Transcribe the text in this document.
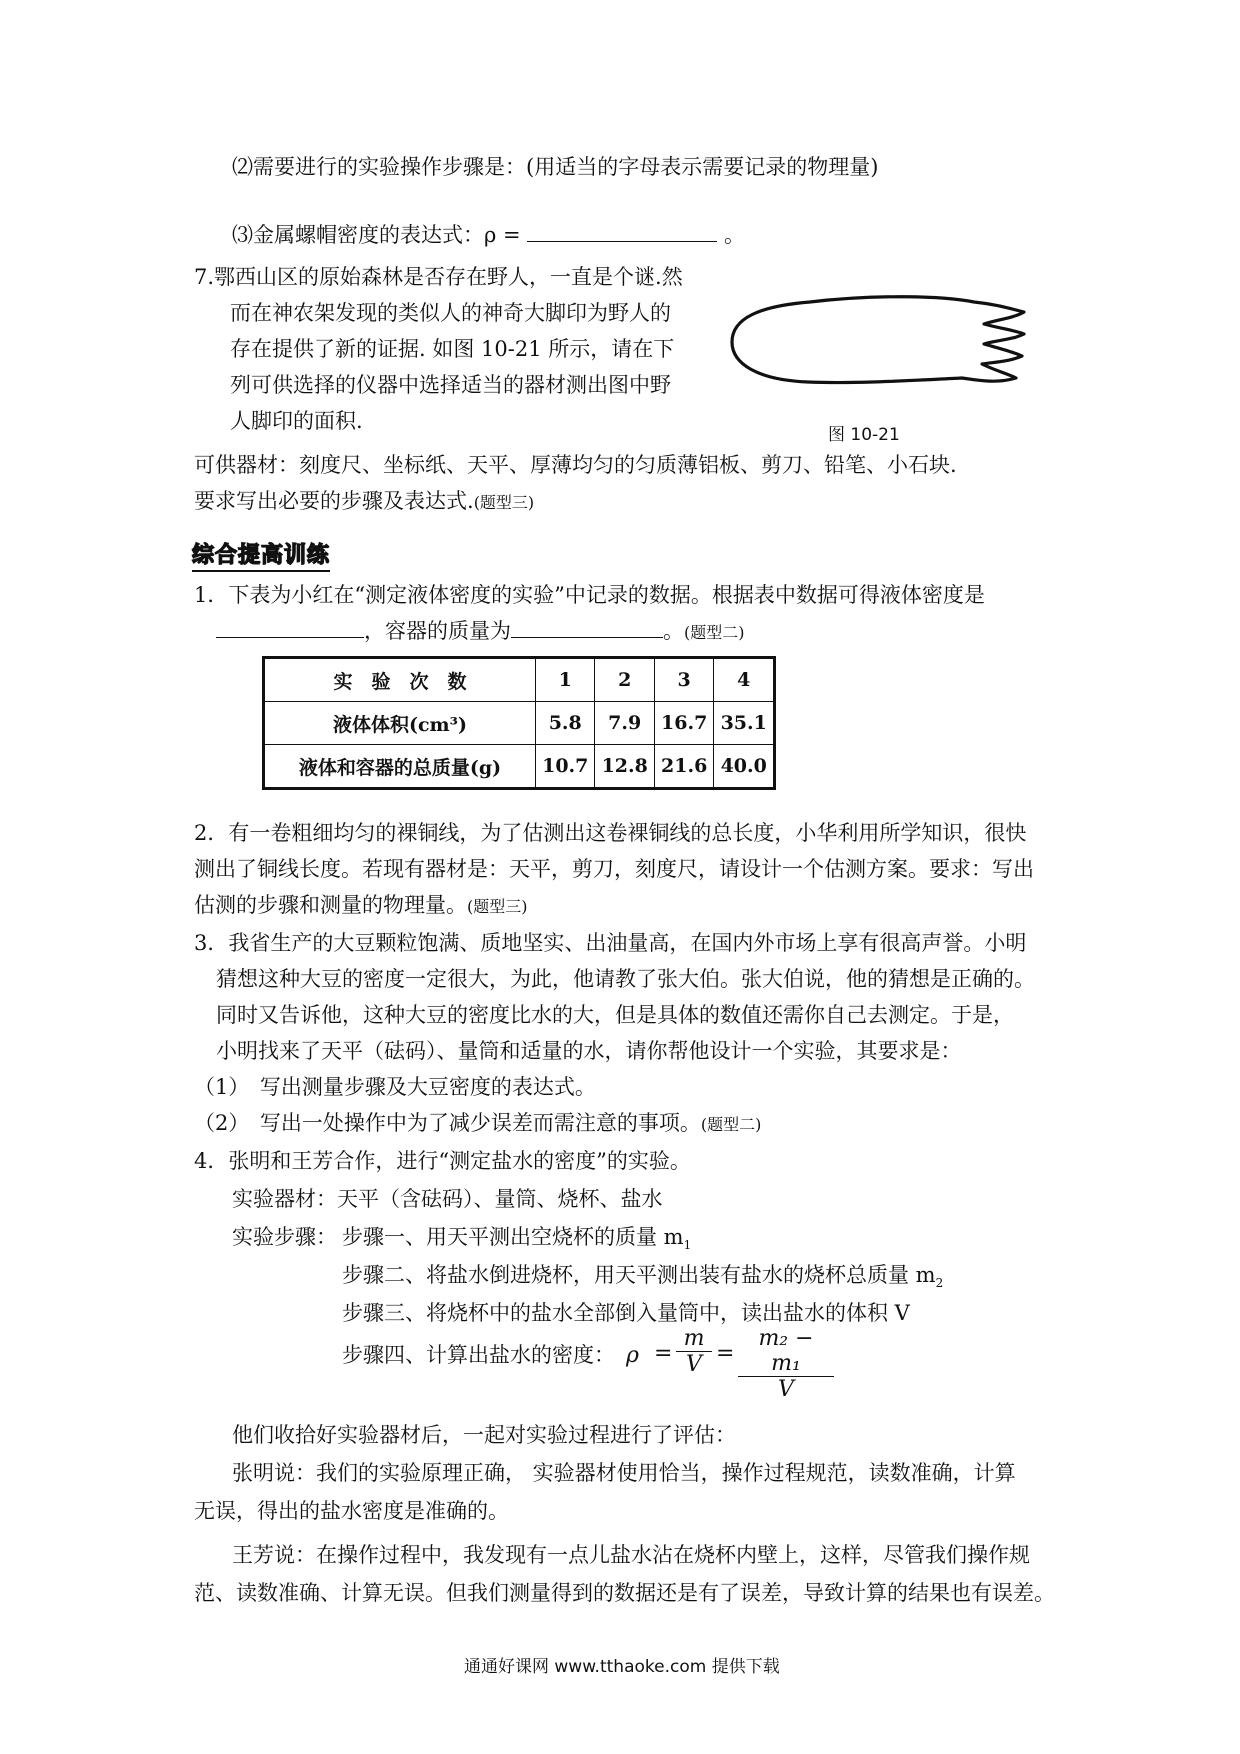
⑵需要进行的实验操作步骤是：(用适当的字母表示需要记录的物理量)
⑶金属螺帽密度的表达式：ρ =	。
7.鄂西山区的原始森林是否存在野人，一直是个谜.然
而在神农架发现的类似人的神奇大脚印为野人的
存在提供了新的证据. 如图 10-21 所示，请在下
列可供选择的仪器中选择适当的器材测出图中野
人脚印的面积.
图 10-21
可供器材：刻度尺、坐标纸、天平、厚薄均匀的匀质薄铝板、剪刀、铅笔、小石块.
要求写出必要的步骤及表达式.(题型三)
综合提高训练
1．下表为小红在“测定液体密度的实验”中记录的数据。根据表中数据可得液体密度是
，容器的质量为	。(题型二)
实　验　次　数	1	2	3	4
液体体积(cm³)	5.8	7.9	16.7	35.1
液体和容器的总质量(g)	10.7	12.8	21.6	40.0
2．有一卷粗细均匀的裸铜线，为了估测出这卷裸铜线的总长度，小华利用所学知识，很快
测出了铜线长度。若现有器材是：天平，剪刀，刻度尺，请设计一个估测方案。要求：写出
估测的步骤和测量的物理量。(题型三)
3．我省生产的大豆颗粒饱满、质地坚实、出油量高，在国内外市场上享有很高声誉。小明
猜想这种大豆的密度一定很大，为此，他请教了张大伯。张大伯说，他的猜想是正确的。
同时又告诉他，这种大豆的密度比水的大，但是具体的数值还需你自己去测定。于是，
小明找来了天平（砝码）、量筒和适量的水，请你帮他设计一个实验，其要求是：
（1）　写出测量步骤及大豆密度的表达式。
（2）　写出一处操作中为了减少误差而需注意的事项。(题型二)
4．张明和王芳合作，进行“测定盐水的密度”的实验。
实验器材：天平（含砝码）、量筒、烧杯、盐水
实验步骤： 步骤一、用天平测出空烧杯的质量 $m_1$
步骤二、将盐水倒进烧杯，用天平测出装有盐水的烧杯总质量 $m_2$
步骤三、将烧杯中的盐水全部倒入量筒中，读出盐水的体积 V
步骤四、计算出盐水的密度： ρ =
m
V =
m₂ − m₁
V
他们收拾好实验器材后，一起对实验过程进行了评估：
张明说：我们的实验原理正确， 实验器材使用恰当，操作过程规范，读数准确，计算
无误，得出的盐水密度是准确的。
王芳说：在操作过程中，我发现有一点儿盐水沾在烧杯内壁上，这样，尽管我们操作规
范、读数准确、计算无误。但我们测量得到的数据还是有了误差，导致计算的结果也有误差。
通通好课网 www.tthaoke.com 提供下载
